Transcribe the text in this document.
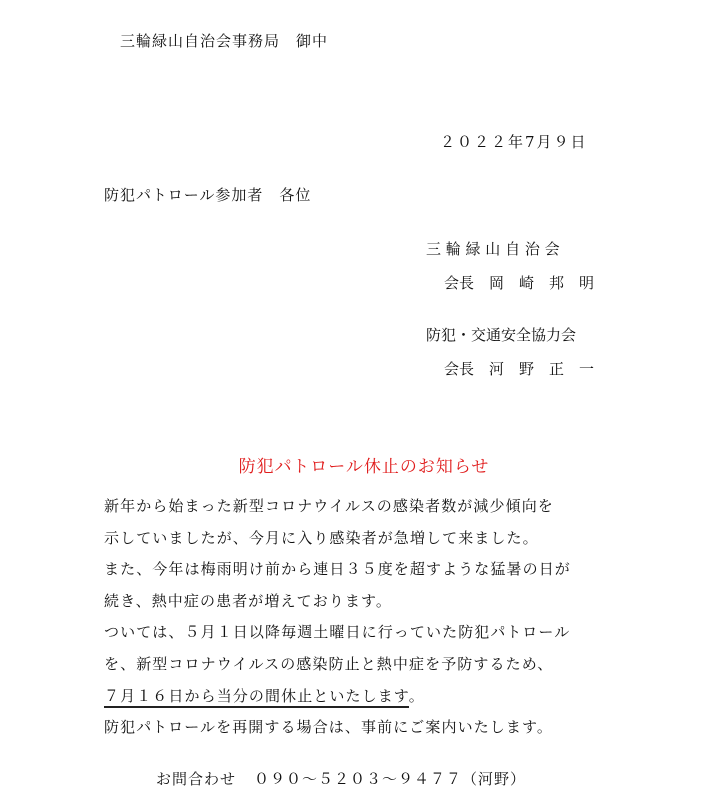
三輪緑山自治会事務局　御中
２０２２年7月９日
防犯パトロール参加者　各位
三 輪 緑 山 自 治 会
会長　岡　崎　邦　明
防犯・交通安全協力会
会長　河　野　正　一
防犯パトロール休止のお知らせ
新年から始まった新型コロナウイルスの感染者数が減少傾向を
示していましたが、今月に入り感染者が急増して来ました。
また、今年は梅雨明け前から連日３５度を超すような猛暑の日が
続き、熱中症の患者が増えております。
ついては、５月１日以降毎週土曜日に行っていた防犯パトロール
を、新型コロナウイルスの感染防止と熱中症を予防するため、
７月１６日から当分の間休止といたします。
防犯パトロールを再開する場合は、事前にご案内いたします。
お問合わせ ０９０～５２０３～９４７７（河野）
